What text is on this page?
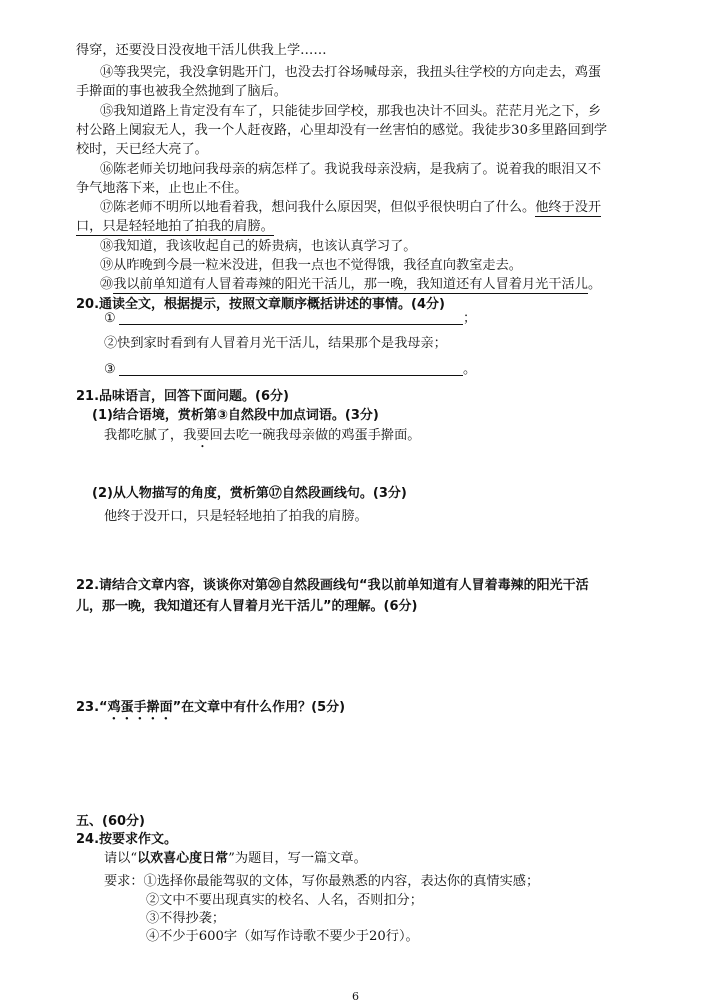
得穿，还要没日没夜地干活儿供我上学……
⑭等我哭完，我没拿钥匙开门，也没去打谷场喊母亲，我扭头往学校的方向走去，鸡蛋
手擀面的事也被我全然抛到了脑后。
⑮我知道路上肯定没有车了，只能徒步回学校，那我也决计不回头。茫茫月光之下，乡
村公路上阒寂无人，我一个人赶夜路，心里却没有一丝害怕的感觉。我徒步30多里路回到学
校时，天已经大亮了。
⑯陈老师关切地问我母亲的病怎样了。我说我母亲没病，是我病了。说着我的眼泪又不
争气地落下来，止也止不住。
⑰陈老师不明所以地看着我，想问我什么原因哭，但似乎很快明白了什么。他终于没开
口，只是轻轻地拍了拍我的肩膀。
⑱我知道，我该收起自己的娇贵病，也该认真学习了。
⑲从昨晚到今晨一粒米没进，但我一点也不觉得饿，我径直向教室走去。
⑳我以前单知道有人冒着毒辣的阳光干活儿，那一晚，我知道还有人冒着月光干活儿。
20.通读全文，根据提示，按照文章顺序概括讲述的事情。(4分)
①	；
②快到家时看到有人冒着月光干活儿，结果那个是我母亲；
③	。
21.品味语言，回答下面问题。(6分)
(1)结合语境，赏析第③自然段中加点词语。(3分)
我都吃腻了，我要回去吃一碗我母亲做的鸡蛋手擀面。
(2)从人物描写的角度，赏析第⑰自然段画线句。(3分)
他终于没开口，只是轻轻地拍了拍我的肩膀。
22.请结合文章内容，谈谈你对第⑳自然段画线句“我以前单知道有人冒着毒辣的阳光干活
儿，那一晚，我知道还有人冒着月光干活儿”的理解。(6分)
23.“鸡蛋手擀面”在文章中有什么作用？(5分)
五、(60分)
24.按要求作文。
请以“以欢喜心度日常”为题目，写一篇文章。
要求：①选择你最能驾驭的文体，写你最熟悉的内容，表达你的真情实感；
②文中不要出现真实的校名、人名，否则扣分；
③不得抄袭；
④不少于600字（如写作诗歌不要少于20行）。
6
